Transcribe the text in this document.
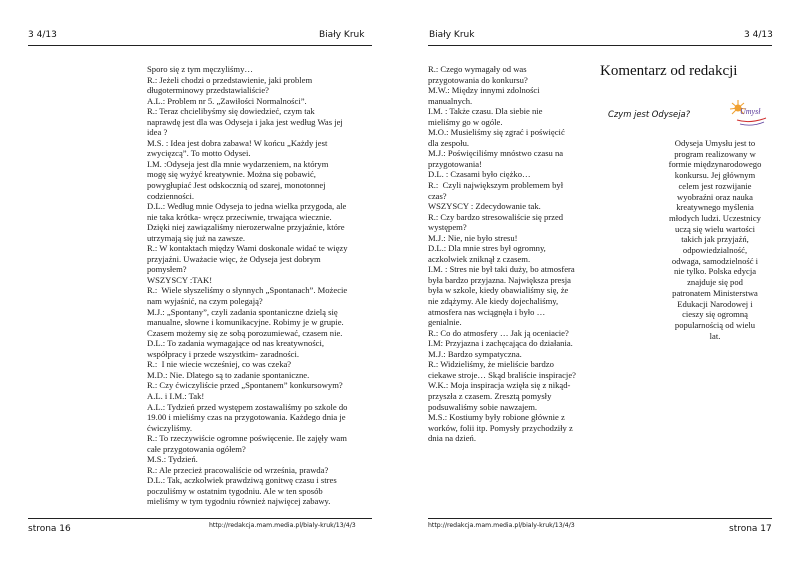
3 4/13	Biały Kruk
Sporo się z tym męczyliśmy…
R.: Jeżeli chodzi o przedstawienie, jaki problem
długoterminowy przedstawialiście?
A.L.: Problem nr 5. „Zawiłości Normalności”.
R.: Teraz chcielibyśmy się dowiedzieć, czym tak
naprawdę jest dla was Odyseja i jaka jest według Was jej
idea ?
M.S. : Idea jest dobra zabawa! W końcu „Każdy jest
zwycięzcą”. To motto Odysei.
I.M. :Odyseja jest dla mnie wydarzeniem, na którym
mogę się wyżyć kreatywnie. Można się pobawić,
powygłupiać Jest odskocznią od szarej, monotonnej
codzienności.
D.L.: Według mnie Odyseja to jedna wielka przygoda, ale
nie taka krótka- wręcz przeciwnie, trwająca wiecznie.
Dzięki niej zawiązaliśmy nierozerwalne przyjaźnie, które
utrzymają się już na zawsze.
R.: W kontaktach między Wami doskonale widać te więzy
przyjaźni. Uważacie więc, że Odyseja jest dobrym
pomysłem?
WSZYSCY :TAK!
R.:  Wiele słyszeliśmy o słynnych „Spontanach”. Możecie
nam wyjaśnić, na czym polegają?
M.J.: „Spontany”, czyli zadania spontaniczne dzielą się
manualne, słowne i komunikacyjne. Robimy je w grupie.
Czasem możemy się ze sobą porozumiewać, czasem nie.
D.L.: To zadania wymagające od nas kreatywności,
współpracy i przede wszystkim- zaradności.
R.:  I nie wiecie wcześniej, co was czeka?
M.D.: Nie. Dlatego są to zadanie spontaniczne.
R.: Czy ćwiczyliście przed „Spontanem” konkursowym?
A.L. i I.M.: Tak!
A.L.: Tydzień przed występem zostawaliśmy po szkole do
19.00 i mieliśmy czas na przygotowania. Każdego dnia je
ćwiczyliśmy.
R.: To rzeczywiście ogromne poświęcenie. Ile zajęły wam
całe przygotowania ogółem?
M.S.: Tydzień.
R.: Ale przecież pracowaliście od września, prawda?
D.L.: Tak, aczkolwiek prawdziwą gonitwę czasu i stres
poczuliśmy w ostatnim tygodniu. Ale w ten sposób
mieliśmy w tym tygodniu również najwięcej zabawy.
strona 16	http://redakcja.mam.media.pl/bialy-kruk/13/4/3
Biały Kruk	3 4/13
R.: Czego wymagały od was
przygotowania do konkursu?
M.W.: Między innymi zdolności
manualnych.
I.M. : Także czasu. Dla siebie nie
mieliśmy go w ogóle.
M.O.: Musieliśmy się zgrać i poświęcić
dla zespołu.
M.J.: Poświęciliśmy mnóstwo czasu na
przygotowania!
D.L. : Czasami było ciężko…
R.:  Czyli największym problemem był
czas?
WSZYSCY : Zdecydowanie tak.
R.: Czy bardzo stresowaliście się przed
występem?
M.J.: Nie, nie było stresu!
D.L.: Dla mnie stres był ogromny,
aczkolwiek zniknął z czasem.
I.M. : Stres nie był taki duży, bo atmosfera
była bardzo przyjazna. Największa presja
była w szkole, kiedy obawialiśmy się, że
nie zdążymy. Ale kiedy dojechaliśmy,
atmosfera nas wciągnęła i było …
genialnie.
R.: Co do atmosfery … Jak ją oceniacie?
I.M: Przyjazna i zachęcająca do działania.
M.J.: Bardzo sympatyczna.
R.: Widzieliśmy, że mieliście bardzo
ciekawe stroje… Skąd braliście inspiracje?
W.K.: Moja inspiracja wzięła się z nikąd-
przyszła z czasem. Zresztą pomysły
podsuwaliśmy sobie nawzajem.
M.S.: Kostiumy były robione głównie z
worków, folii itp. Pomysły przychodziły z
dnia na dzień.
Komentarz od redakcji
Czym jest Odyseja?	Umysł
Odyseja Umysłu jest to
program realizowany w
formie międzynarodowego
konkursu. Jej głównym
celem jest rozwijanie
wyobraźni oraz nauka
kreatywnego myślenia
młodych ludzi. Uczestnicy
uczą się wielu wartości
takich jak przyjaźń,
odpowiedzialność,
odwaga, samodzielność i
nie tylko. Polska edycja
znajduje się pod
patronatem Ministerstwa
Edukacji Narodowej i
cieszy się ogromną
popularnością od wielu
lat.
http://redakcja.mam.media.pl/bialy-kruk/13/4/3	strona 17
